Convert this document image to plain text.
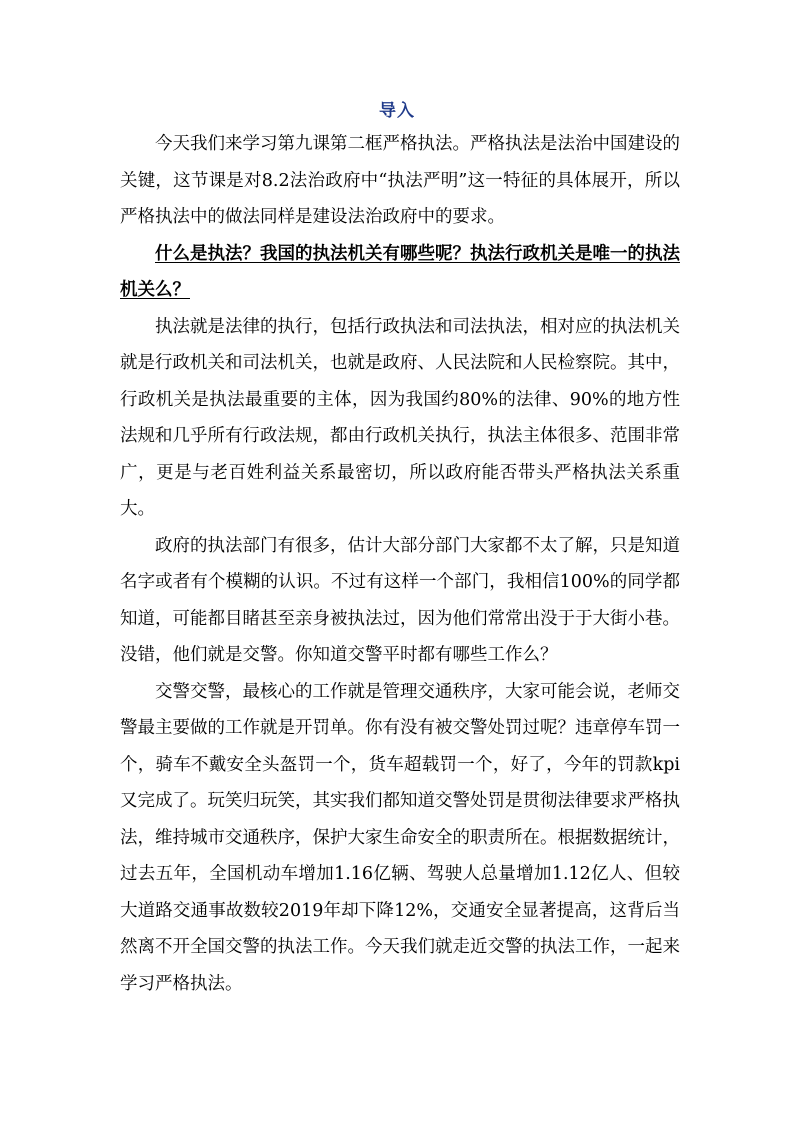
导入

今天我们来学习第九课第二框严格执法。严格执法是法治中国建设的关键，这节课是对8.2法治政府中“执法严明”这一特征的具体展开，所以严格执法中的做法同样是建设法治政府中的要求。

什么是执法？我国的执法机关有哪些呢？执法行政机关是唯一的执法机关么？

执法就是法律的执行，包括行政执法和司法执法，相对应的执法机关就是行政机关和司法机关，也就是政府、人民法院和人民检察院。其中，行政机关是执法最重要的主体，因为我国约80%的法律、90%的地方性法规和几乎所有行政法规，都由行政机关执行，执法主体很多、范围非常广，更是与老百姓利益关系最密切，所以政府能否带头严格执法关系重大。

政府的执法部门有很多，估计大部分部门大家都不太了解，只是知道名字或者有个模糊的认识。不过有这样一个部门，我相信100%的同学都知道，可能都目睹甚至亲身被执法过，因为他们常常出没于于大街小巷。没错，他们就是交警。你知道交警平时都有哪些工作么？

交警交警，最核心的工作就是管理交通秩序，大家可能会说，老师交警最主要做的工作就是开罚单。你有没有被交警处罚过呢？违章停车罚一个，骑车不戴安全头盔罚一个，货车超载罚一个，好了，今年的罚款kpi又完成了。玩笑归玩笑，其实我们都知道交警处罚是贯彻法律要求严格执法，维持城市交通秩序，保护大家生命安全的职责所在。根据数据统计，过去五年，全国机动车增加1.16亿辆、驾驶人总量增加1.12亿人、但较大道路交通事故数较2019年却下降12%，交通安全显著提高，这背后当然离不开全国交警的执法工作。今天我们就走近交警的执法工作，一起来学习严格执法。
